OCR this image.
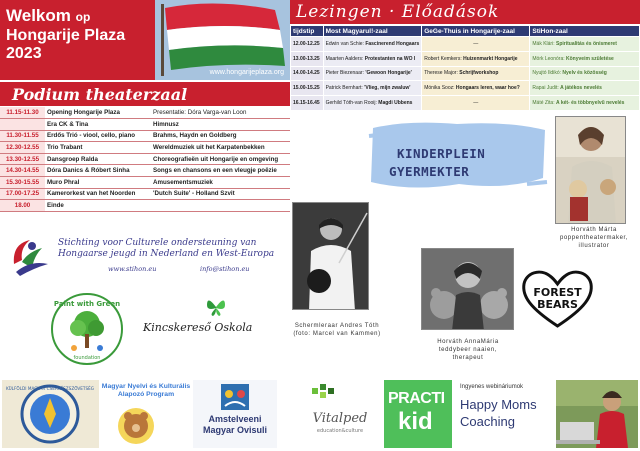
Welkom op
Hongarije Plaza
2023
www.hongarijeplaza.org
Podium theaterzaal
11.15-11.30	Opening Hongarije Plaza	Presentatie: Dóra Varga-van Loon
	Era CK & Tina	Himnusz
11.30-11.55	Erdős Trió - viool, cello, piano	Brahms, Haydn en Goldberg
12.30-12.55	Trio Trabant	Wereldmuziek uit het Karpatenbekken
13.30-12.55	Dansgroep Ralda	Choreografieën uit Hongarije en omgeving
14.30-14.55	Dóra Danics & Róbert Sinha	Songs en chansons en een vleugje poëzie
15.30-15.55	Muro Phral	Amusementsmuziek
17.00-17.25	Kamerorkest van het Noorden	'Dutch Suite' - Holland Szvit
18.00	Einde	
Lezingen · Előadások
tijdstip	Most Magyarul!-zaal	GeGe-Thuis in Hongarije-zaal	StiHon-zaal
12.00-12.25	Edwin van Schie: Fascinerend Hongaars	—	Mák Klári: Spiritualitás és önismeret
13.00-13.25	Maarten Aalders: Protestanten na WO I	Robert Kemkers: Huizenmarkt Hongarije	Mörk Leonóra: Könyveim születése
14.00-14.25	Pieter Biezenaar: 'Gewoon Hongarije'	Therese Major: Schrijfworkshop	Nyujtó Ildikó: Nyelv és közösség
15.00-15.25	Patrick Bernhart: 'Vlieg, mijn zwaluw'	Mónika Sooz: Hongaars leren, waar hoe?	Rapai Judit: A játékos nevelés
16.15-16.45	Gerhild Tóth-van Rooij: Magdi Ubbens	—	Máté Zita: A két- és többnyelvű nevelés
KINDERPLEIN
GYERMEKTER
Horváth Márta
poppentheatermaker,
illustrator
Schermleraar Andres Tóth
(foto: Marcel van Kammen)
Horváth AnnaMária
teddybeer naaien,
therapeut
FOREST
BEARS
Stichting voor Culturele ondersteuning van Hongaarse jeugd in Nederland en West-Europa
www.stihon.eu	info@stihon.eu
Paint with Green
foundation
Kincskereső Oskola
KÜLFÖLDI MAGYAR CSERKÉSZSZÖVETSÉG	Magyar Nyelvi és Kulturális
Alapozó Program
Amstelveeni
Magyar Ovisuli
Vitalped
education&culture
PRACTI
kid
Ingyenes webináriumok
Happy Moms
Coaching
